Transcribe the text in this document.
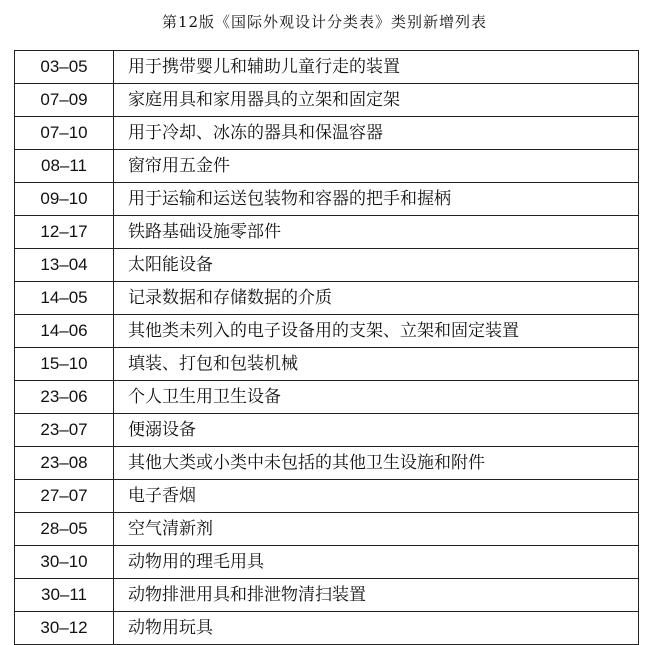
第12版《国际外观设计分类表》类别新增列表
03–05	用于携带婴儿和辅助儿童行走的装置
07–09	家庭用具和家用器具的立架和固定架
07–10	用于冷却、冰冻的器具和保温容器
08–11	窗帘用五金件
09–10	用于运输和运送包装物和容器的把手和握柄
12–17	铁路基础设施零部件
13–04	太阳能设备
14–05	记录数据和存储数据的介质
14–06	其他类未列入的电子设备用的支架、立架和固定装置
15–10	填装、打包和包装机械
23–06	个人卫生用卫生设备
23–07	便溺设备
23–08	其他大类或小类中未包括的其他卫生设施和附件
27–07	电子香烟
28–05	空气清新剂
30–10	动物用的理毛用具
30–11	动物排泄用具和排泄物清扫装置
30–12	动物用玩具
